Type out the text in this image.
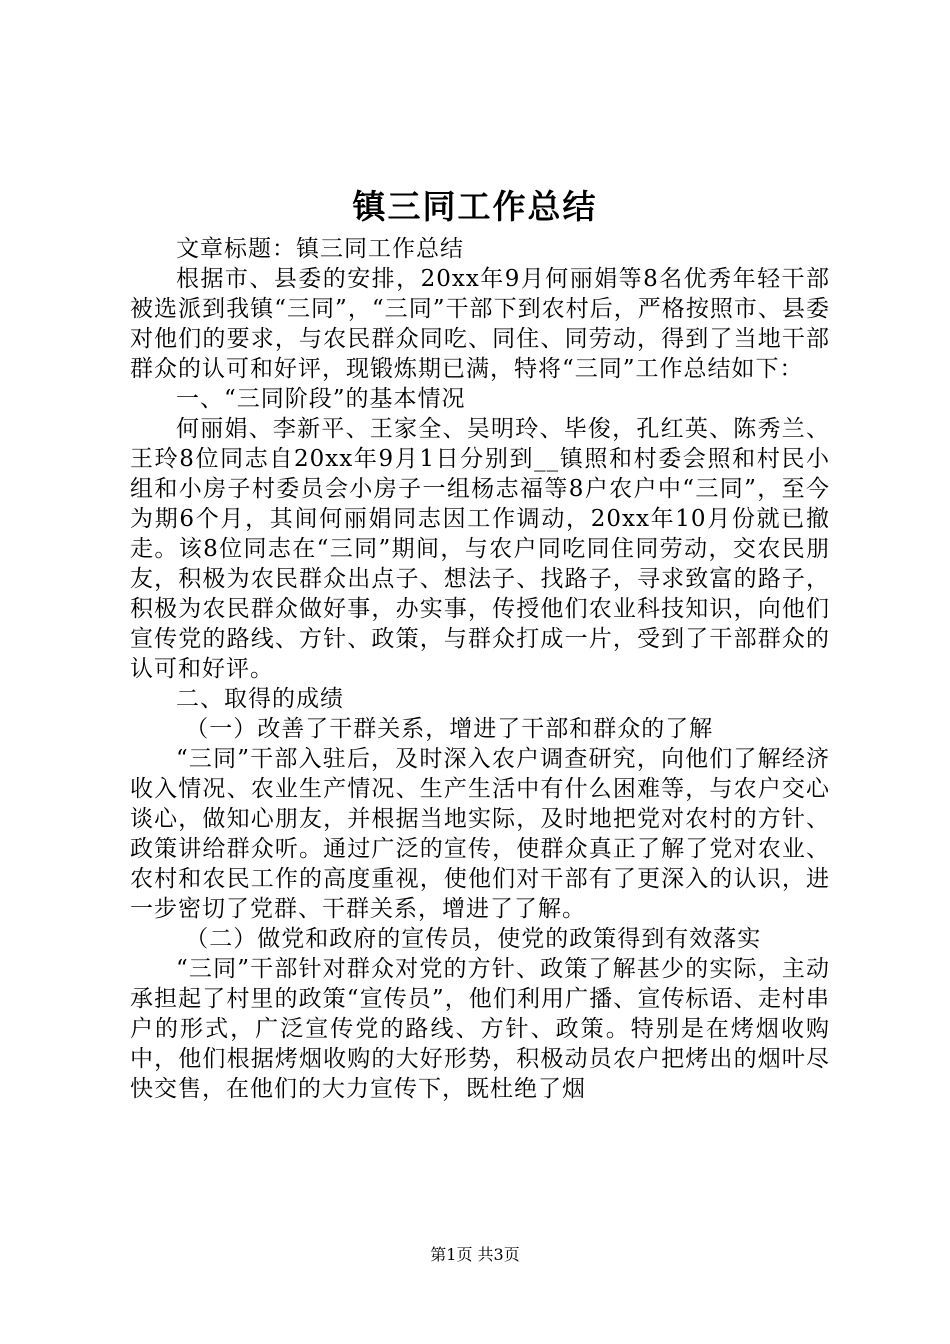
镇三同工作总结

文章标题：镇三同工作总结

根据市、县委的安排，20xx年9月何丽娟等8名优秀年轻干部被选派到我镇“三同”，“三同”干部下到农村后，严格按照市、县委对他们的要求，与农民群众同吃、同住、同劳动，得到了当地干部群众的认可和好评，现锻炼期已满，特将“三同”工作总结如下：

一、“三同阶段”的基本情况

何丽娟、李新平、王家全、吴明玲、毕俊，孔红英、陈秀兰、王玲8位同志自20xx年9月1日分别到__镇照和村委会照和村民小组和小房子村委员会小房子一组杨志福等8户农户中“三同”，至今为期6个月，其间何丽娟同志因工作调动，20xx年10月份就已撤走。该8位同志在“三同”期间，与农户同吃同住同劳动，交农民朋友，积极为农民群众出点子、想法子、找路子，寻求致富的路子，积极为农民群众做好事，办实事，传授他们农业科技知识，向他们宣传党的路线、方针、政策，与群众打成一片，受到了干部群众的认可和好评。

二、取得的成绩

（一）改善了干群关系，增进了干部和群众的了解

“三同”干部入驻后，及时深入农户调查研究，向他们了解经济收入情况、农业生产情况、生产生活中有什么困难等，与农户交心谈心，做知心朋友，并根据当地实际，及时地把党对农村的方针、政策讲给群众听。通过广泛的宣传，使群众真正了解了党对农业、农村和农民工作的高度重视，使他们对干部有了更深入的认识，进一步密切了党群、干群关系，增进了了解。

（二）做党和政府的宣传员，使党的政策得到有效落实

“三同”干部针对群众对党的方针、政策了解甚少的实际，主动承担起了村里的政策“宣传员”，他们利用广播、宣传标语、走村串户的形式，广泛宣传党的路线、方针、政策。特别是在烤烟收购中，他们根据烤烟收购的大好形势，积极动员农户把烤出的烟叶尽快交售，在他们的大力宣传下，既杜绝了烟

第1页 共3页
